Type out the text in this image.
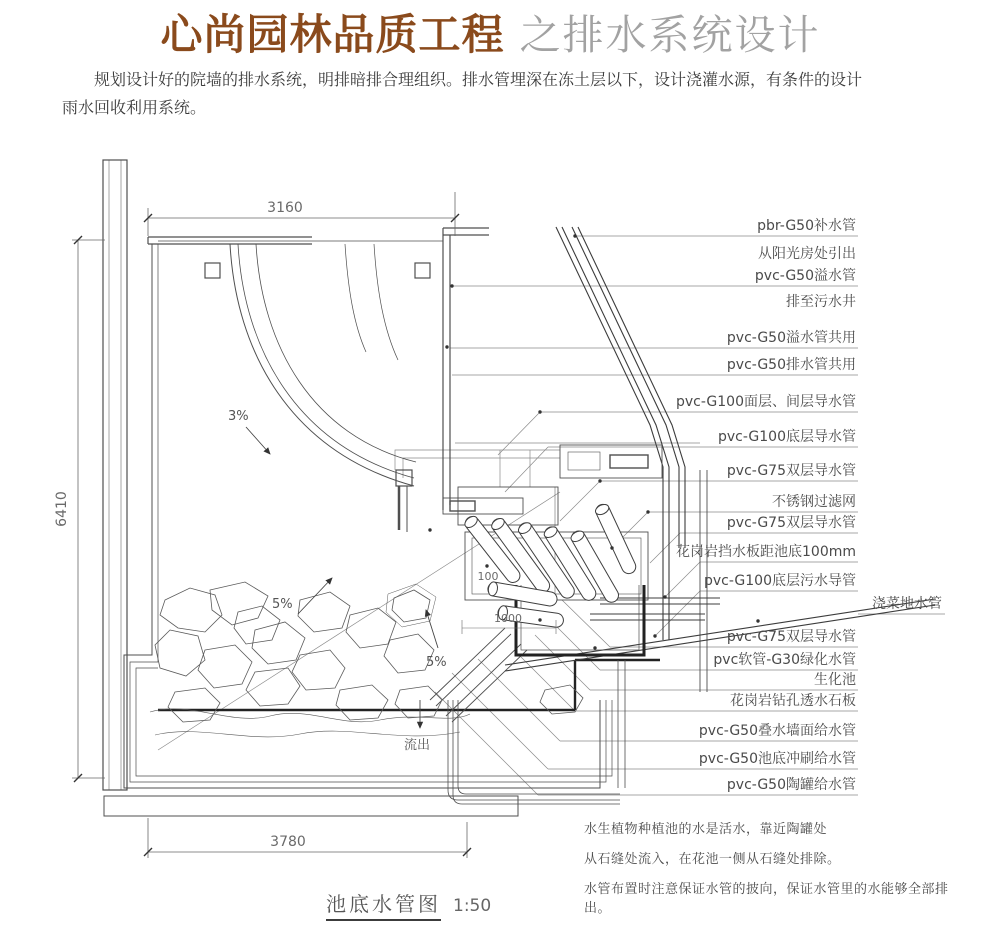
心尚园林品质工程 之排水系统设计
规划设计好的院墙的排水系统，明排暗排合理组织。排水管埋深在冻土层以下，设计浇灌水源，有条件的设计雨水回收利用系统。
3160
6410
3780
1000
100
3%
5%
5%
流出
pbr-G50补水管
从阳光房处引出
pvc-G50溢水管
排至污水井
pvc-G50溢水管共用
pvc-G50排水管共用
pvc-G100面层、间层导水管
pvc-G100底层导水管
pvc-G75双层导水管
不锈钢过滤网
pvc-G75双层导水管
花岗岩挡水板距池底100mm
pvc-G100底层污水导管
浇菜地水管
pvc-G75双层导水管
pvc软管-G30绿化水管
生化池
花岗岩钻孔透水石板
pvc-G50叠水墙面给水管
pvc-G50池底冲刷给水管
pvc-G50陶罐给水管

水生植物种植池的水是活水，靠近陶罐处

从石缝处流入，在花池一侧从石缝处排除。

水管布置时注意保证水管的披向，保证水管里的水能够全部排出。

池底水管图 1:50
